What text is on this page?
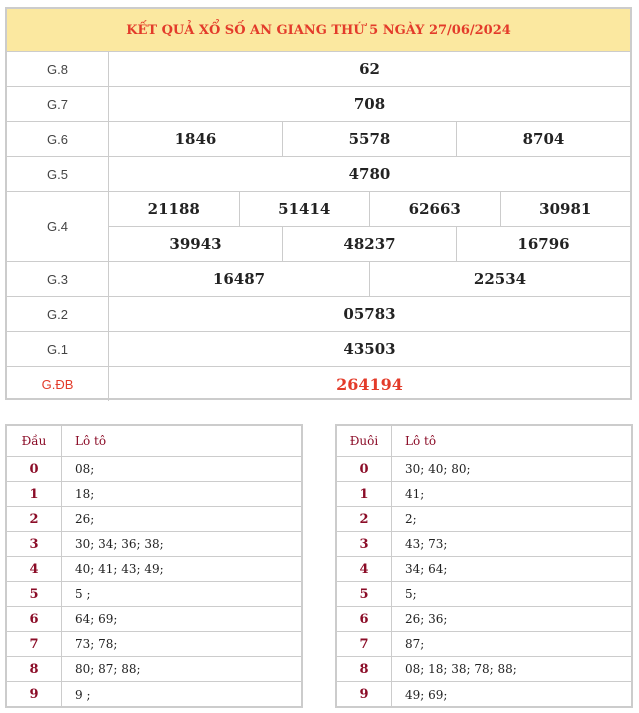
KẾT QUẢ XỔ SỐ AN GIANG THỨ 5 NGÀY 27/06/2024
G.8	62
G.7	708
G.6	1846	5578	8704
G.5	4780
G.4
21188	51414	62663	30981
39943	48237	16796
G.3	16487	22534
G.2	05783
G.1	43503
G.ĐB	264194
Đầu	Lô tô
0	08;
1	18;
2	26;
3	30; 34; 36; 38;
4	40; 41; 43; 49;
5	5 ;
6	64; 69;
7	73; 78;
8	80; 87; 88;
9	9 ;
Đuôi	Lô tô
0	30; 40; 80;
1	41;
2	2;
3	43; 73;
4	34; 64;
5	5;
6	26; 36;
7	87;
8	08; 18; 38; 78; 88;
9	49; 69;
